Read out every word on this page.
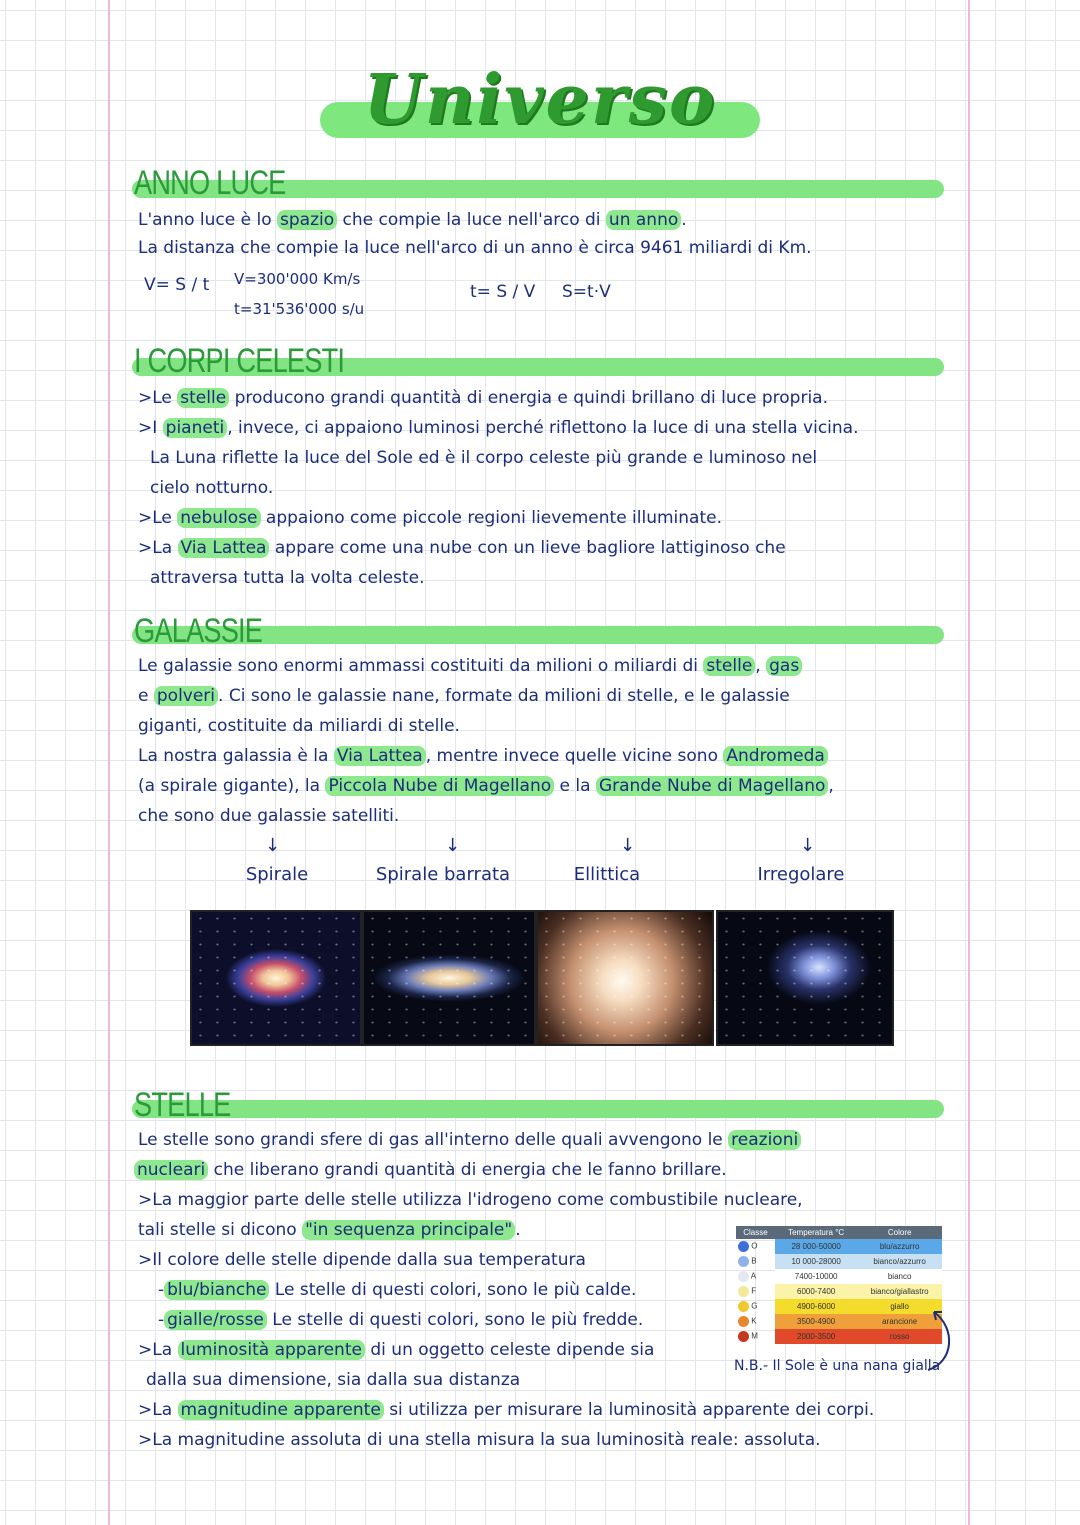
Universo
ANNO LUCE
L'anno luce è lo spazio che compie la luce nell'arco di un anno .
La distanza che compie la luce nell'arco di un anno è circa 9461 miliardi di Km.
V= S / t V=300'000 Km/s
t=31'536'000 s/u
t= S / V S=t·V
I CORPI CELESTI
>Le stelle producono grandi quantità di energia e quindi brillano di luce propria.
>I pianeti , invece, ci appaiono luminosi perché riflettono la luce di una stella vicina.
La Luna riflette la luce del Sole ed è il corpo celeste più grande e luminoso nel
cielo notturno.
>Le nebulose appaiono come piccole regioni lievemente illuminate.
>La Via Lattea appare come una nube con un lieve bagliore lattiginoso che
attraversa tutta la volta celeste.
GALASSIE
Le galassie sono enormi ammassi costituiti da milioni o miliardi di stelle , gas
e polveri . Ci sono le galassie nane, formate da milioni di stelle, e le galassie
giganti, costituite da miliardi di stelle.
La nostra galassia è la Via Lattea , mentre invece quelle vicine sono Andromeda
(a spirale gigante), la Piccola Nube di Magellano e la Grande Nube di Magellano ,
che sono due galassie satelliti.
↓	↓	↓	↓
Spirale	Spirale barrata	Ellittica	Irregolare
STELLE
Le stelle sono grandi sfere di gas all'interno delle quali avvengono le reazioni
nucleari che liberano grandi quantità di energia che le fanno brillare.
>La maggior parte delle stelle utilizza l'idrogeno come combustibile nucleare,
tali stelle si dicono "in sequenza principale" .
>Il colore delle stelle dipende dalla sua temperatura
- blu/bianche Le stelle di questi colori, sono le più calde.
- gialle/rosse Le stelle di questi colori, sono le più fredde.
>La luminosità apparente di un oggetto celeste dipende sia
dalla sua dimensione, sia dalla sua distanza
>La magnitudine apparente si utilizza per misurare la luminosità apparente dei corpi.
>La magnitudine assoluta di una stella misura la sua luminosità reale: assoluta.
Classe	Temperatura °C	Colore
O	28 000-50000	blu/azzurro
B	10 000-28000	bianco/azzurro
A	7400-10000	bianco
F	6000-7400	bianco/giallastro
G	4900-6000	giallo
K	3500-4900	arancione
M	2000-3500	rosso
N.B.- Il Sole è una nana gialla
